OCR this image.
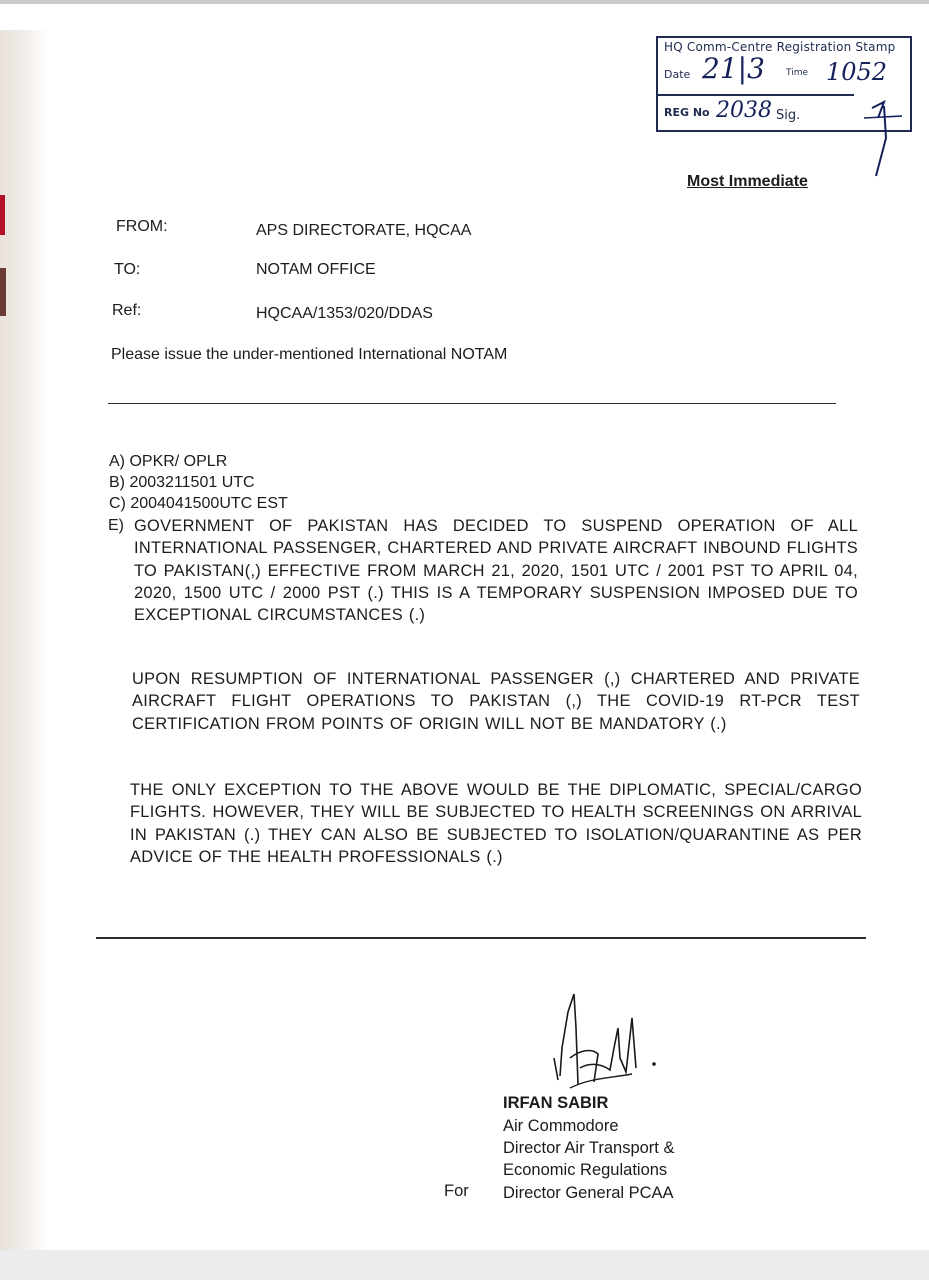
HQ Comm-Centre Registration Stamp
Date 21|3 Time 1052
REG No 2038 Sig.
Most Immediate
FROM:	APS DIRECTORATE, HQCAA
TO:	NOTAM OFFICE
Ref:	HQCAA/1353/020/DDAS
Please issue the under-mentioned International NOTAM
A) OPKR/ OPLR
B) 2003211501 UTC
C) 2004041500UTC EST
E) GOVERNMENT OF PAKISTAN HAS DECIDED TO SUSPEND OPERATION OF ALL INTERNATIONAL PASSENGER, CHARTERED AND PRIVATE AIRCRAFT INBOUND FLIGHTS TO PAKISTAN(,) EFFECTIVE FROM MARCH 21, 2020, 1501 UTC / 2001 PST TO APRIL 04, 2020, 1500 UTC / 2000 PST (.) THIS IS A TEMPORARY SUSPENSION IMPOSED DUE TO EXCEPTIONAL CIRCUMSTANCES (.)
UPON RESUMPTION OF INTERNATIONAL PASSENGER (,) CHARTERED AND PRIVATE AIRCRAFT FLIGHT OPERATIONS TO PAKISTAN (,) THE COVID-19 RT-PCR TEST CERTIFICATION FROM POINTS OF ORIGIN WILL NOT BE MANDATORY (.)
THE ONLY EXCEPTION TO THE ABOVE WOULD BE THE DIPLOMATIC, SPECIAL/CARGO FLIGHTS. HOWEVER, THEY WILL BE SUBJECTED TO HEALTH SCREENINGS ON ARRIVAL IN PAKISTAN (.) THEY CAN ALSO BE SUBJECTED TO ISOLATION/QUARANTINE AS PER ADVICE OF THE HEALTH PROFESSIONALS (.)
IRFAN SABIR
Air Commodore
Director Air Transport &
Economic Regulations
For Director General PCAA
